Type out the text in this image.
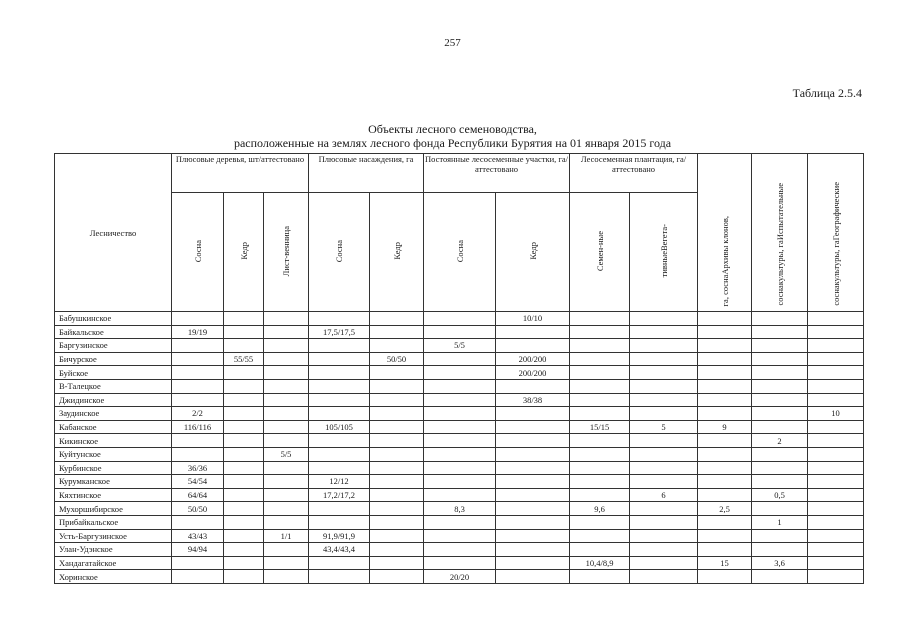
257
Таблица 2.5.4
Объекты лесного семеноводства,
расположенные на землях лесного фонда Республики Бурятия на 01 января 2015 года
Лесничество	Плюсовые деревья, шт/аттестовано			Плюсовые насаждения, га		Постоянные лесосеменные участки, га/аттестовано		Лесосеменная плантация, га/аттестовано		га, соснаАрхивы клонов,	соснакультуры, гаИспытательные	соснакультуры, гаГеографические
	Сосна	Кедр	Лист-венница	Сосна	Кедр	Сосна	Кедр	Семен-ные	тивныеВегета-			
Бабушкинское							10/10					
Байкальское	19/19			17,5/17,5								
Баргузинское						5/5						
Бичурское		55/55			50/50		200/200					
Буйское							200/200					
В-Талецкое												
Джидинское							38/38					
Заудинское	2/2											10
Кабанское	116/116			105/105				15/15	5	9		
Кикинское											2	
Куйтунское			5/5									
Курбинское	36/36											
Курумканское	54/54			12/12								
Кяхтинское	64/64			17,2/17,2					6		0,5	
Мухоршибирское	50/50					8,3		9,6		2,5		
Прибайкальское											1	
Усть-Баргузинское	43/43		1/1	91,9/91,9								
Улан-Удэнское	94/94			43,4/43,4								
Хандагатайское								10,4/8,9		15	3,6	
Хоринское						20/20						
